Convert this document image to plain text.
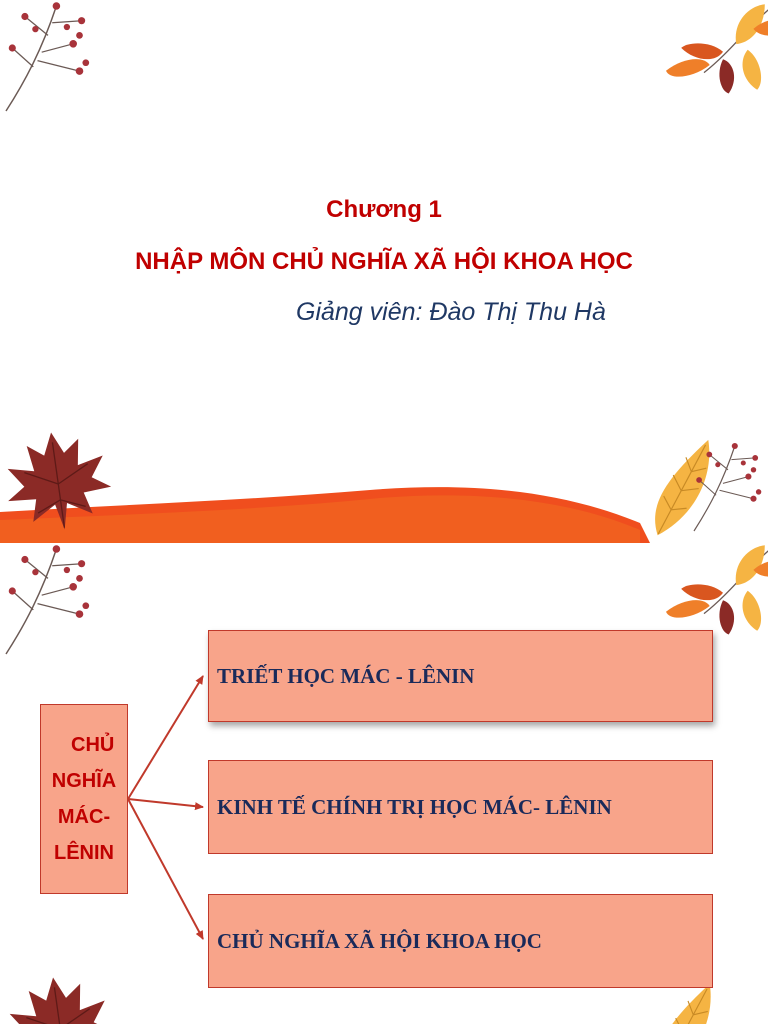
Chương 1

NHẬP MÔN CHỦ NGHĨA XÃ HỘI KHOA HỌC

Giảng viên: Đào Thị Thu Hà

CHỦ
NGHĨA
MÁC-
LÊNIN
TRIẾT HỌC MÁC - LÊNIN
KINH TẾ CHÍNH TRỊ HỌC MÁC- LÊNIN
CHỦ NGHĨA XÃ HỘI KHOA HỌC
